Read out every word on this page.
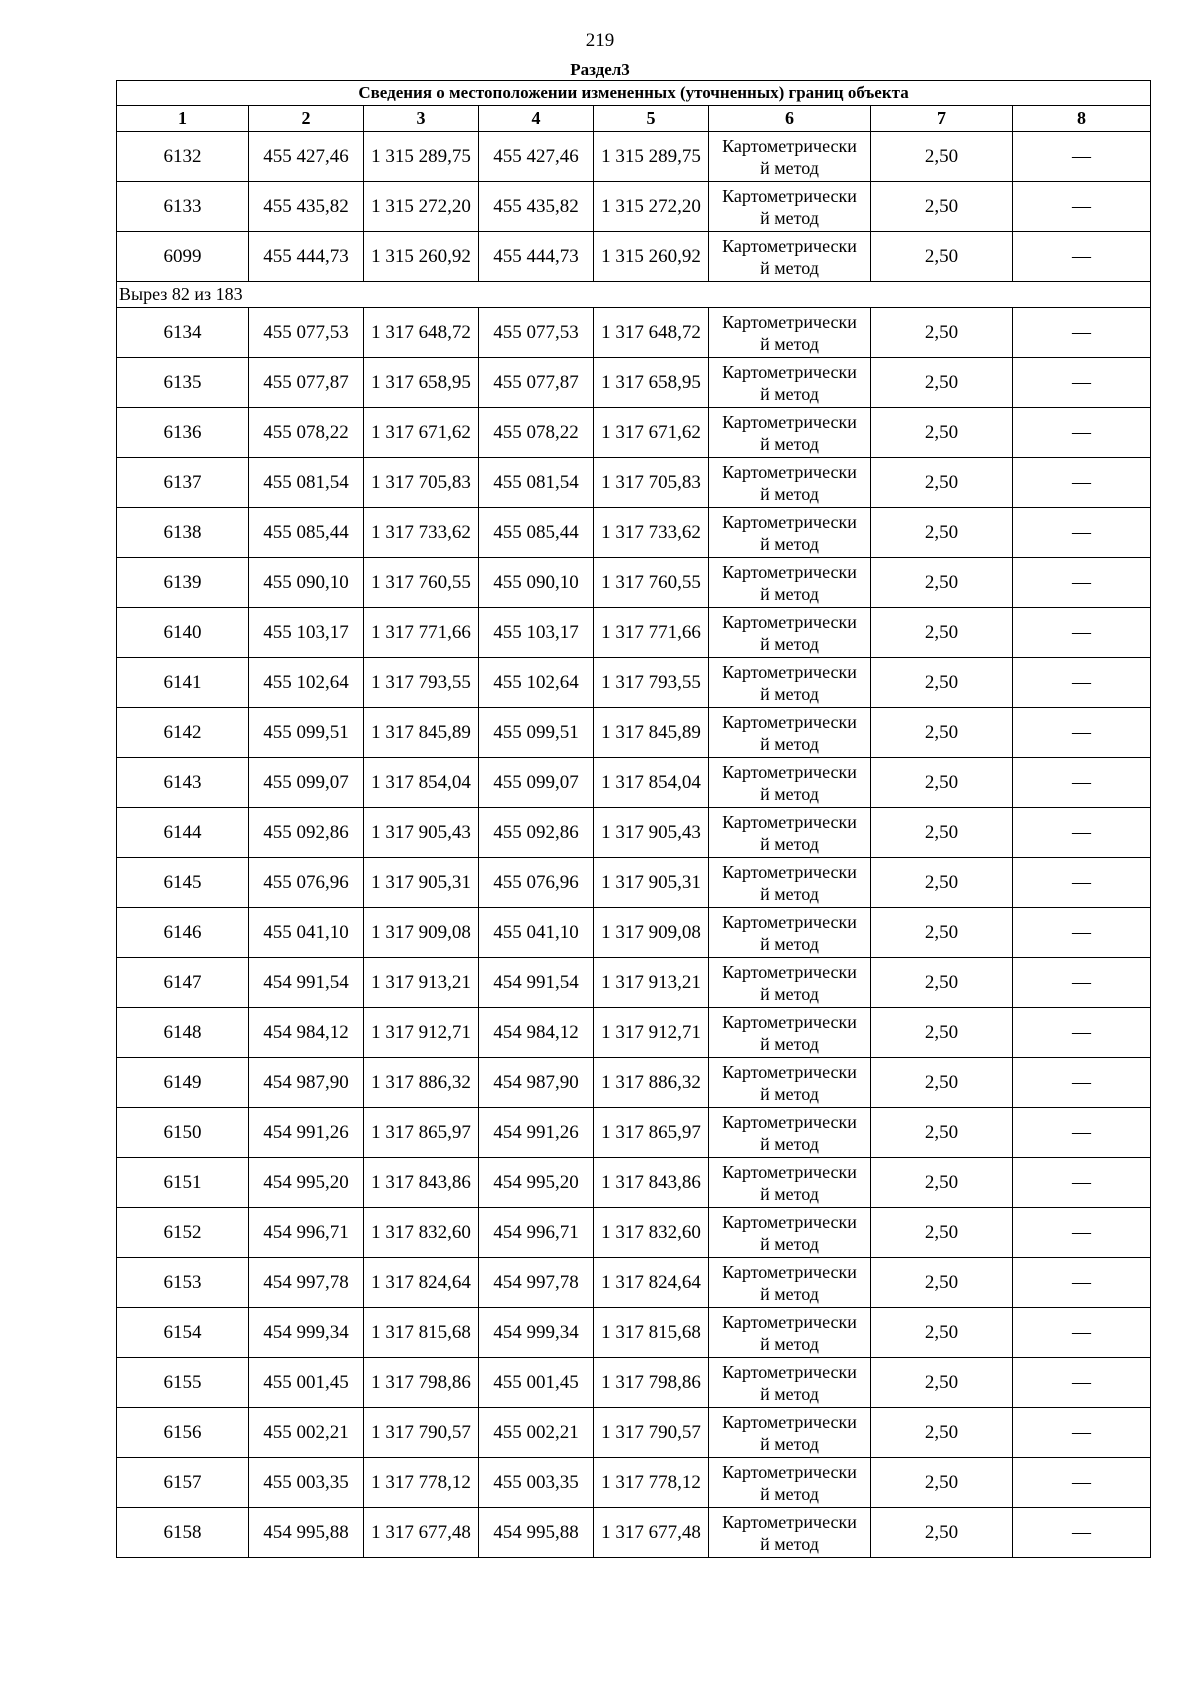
219
Раздел3
Сведения о местоположении измененных (уточненных) границ объекта							
1	2	3	4	5	6	7	8
6132	455 427,46	1 315 289,75	455 427,46	1 315 289,75	Картометрически
й метод	2,50	—
6133	455 435,82	1 315 272,20	455 435,82	1 315 272,20	Картометрически
й метод	2,50	—
6099	455 444,73	1 315 260,92	455 444,73	1 315 260,92	Картометрически
й метод	2,50	—
Вырез 82 из 183							
6134	455 077,53	1 317 648,72	455 077,53	1 317 648,72	Картометрически
й метод	2,50	—
6135	455 077,87	1 317 658,95	455 077,87	1 317 658,95	Картометрически
й метод	2,50	—
6136	455 078,22	1 317 671,62	455 078,22	1 317 671,62	Картометрически
й метод	2,50	—
6137	455 081,54	1 317 705,83	455 081,54	1 317 705,83	Картометрически
й метод	2,50	—
6138	455 085,44	1 317 733,62	455 085,44	1 317 733,62	Картометрически
й метод	2,50	—
6139	455 090,10	1 317 760,55	455 090,10	1 317 760,55	Картометрически
й метод	2,50	—
6140	455 103,17	1 317 771,66	455 103,17	1 317 771,66	Картометрически
й метод	2,50	—
6141	455 102,64	1 317 793,55	455 102,64	1 317 793,55	Картометрически
й метод	2,50	—
6142	455 099,51	1 317 845,89	455 099,51	1 317 845,89	Картометрически
й метод	2,50	—
6143	455 099,07	1 317 854,04	455 099,07	1 317 854,04	Картометрически
й метод	2,50	—
6144	455 092,86	1 317 905,43	455 092,86	1 317 905,43	Картометрически
й метод	2,50	—
6145	455 076,96	1 317 905,31	455 076,96	1 317 905,31	Картометрически
й метод	2,50	—
6146	455 041,10	1 317 909,08	455 041,10	1 317 909,08	Картометрически
й метод	2,50	—
6147	454 991,54	1 317 913,21	454 991,54	1 317 913,21	Картометрически
й метод	2,50	—
6148	454 984,12	1 317 912,71	454 984,12	1 317 912,71	Картометрически
й метод	2,50	—
6149	454 987,90	1 317 886,32	454 987,90	1 317 886,32	Картометрически
й метод	2,50	—
6150	454 991,26	1 317 865,97	454 991,26	1 317 865,97	Картометрически
й метод	2,50	—
6151	454 995,20	1 317 843,86	454 995,20	1 317 843,86	Картометрически
й метод	2,50	—
6152	454 996,71	1 317 832,60	454 996,71	1 317 832,60	Картометрически
й метод	2,50	—
6153	454 997,78	1 317 824,64	454 997,78	1 317 824,64	Картометрически
й метод	2,50	—
6154	454 999,34	1 317 815,68	454 999,34	1 317 815,68	Картометрически
й метод	2,50	—
6155	455 001,45	1 317 798,86	455 001,45	1 317 798,86	Картометрически
й метод	2,50	—
6156	455 002,21	1 317 790,57	455 002,21	1 317 790,57	Картометрически
й метод	2,50	—
6157	455 003,35	1 317 778,12	455 003,35	1 317 778,12	Картометрически
й метод	2,50	—
6158	454 995,88	1 317 677,48	454 995,88	1 317 677,48	Картометрически
й метод	2,50	—
